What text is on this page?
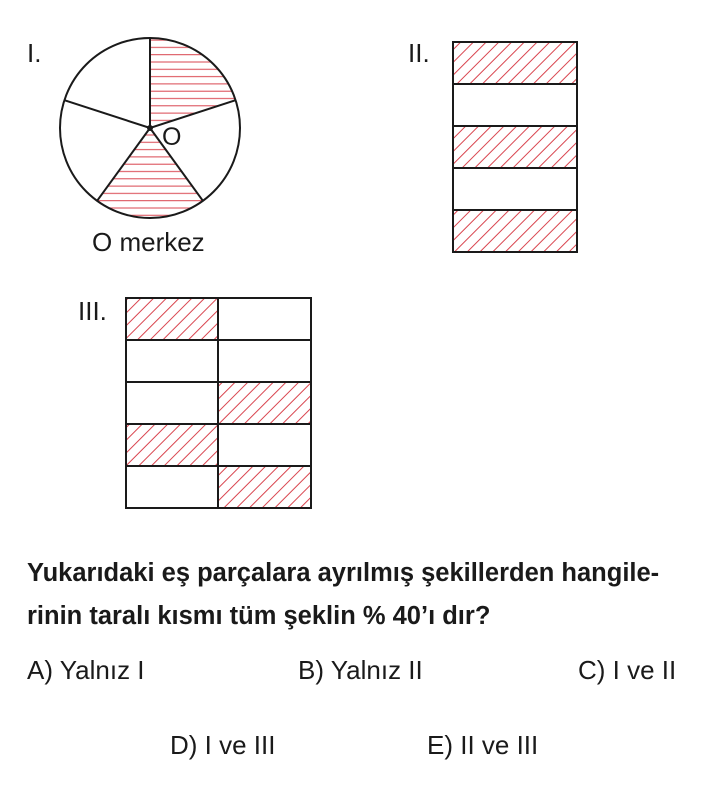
I.
O
O merkez
II.
III.
Yukarıdaki eş parçalara ayrılmış şekillerden hangile-
rinin taralı kısmı tüm şeklin % 40’ı dır?
A) Yalnız I	B) Yalnız II	C) I ve II
D) I ve III	E) II ve III
